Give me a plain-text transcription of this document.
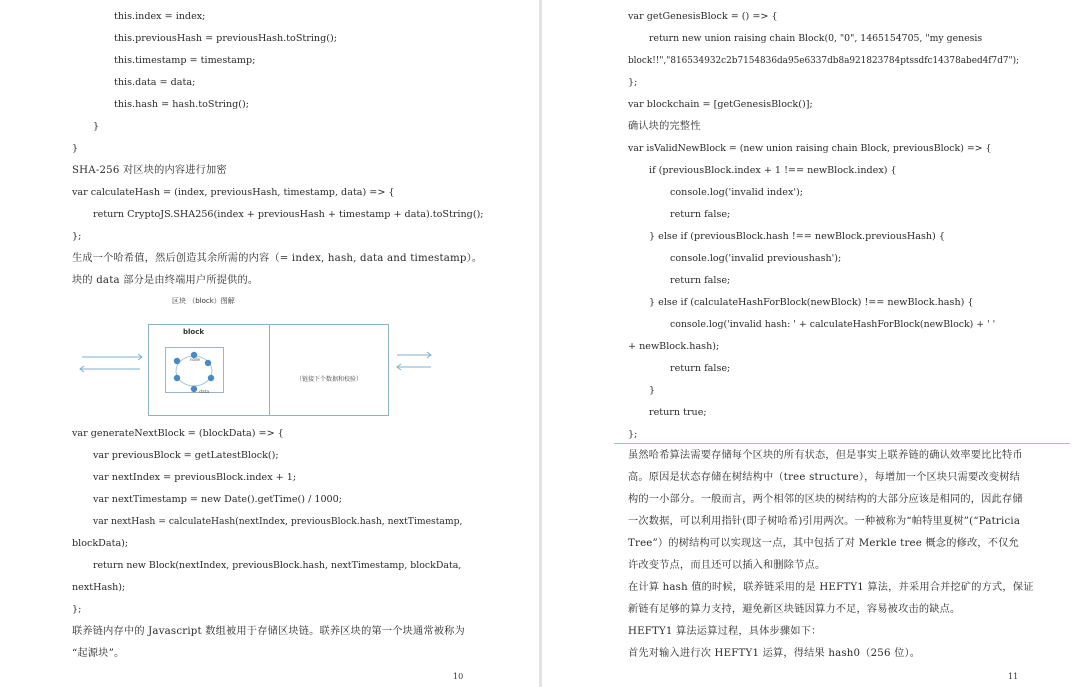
this.index = index;
this.previousHash = previousHash.toString();
this.timestamp = timestamp;
this.data = data;
this.hash = hash.toString();
}
}
SHA-256 对区块的内容进行加密
var calculateHash = (index, previousHash, timestamp, data) => {
return CryptoJS.SHA256(index + previousHash + timestamp + data).toString();
};
生成一个哈希值，然后创造其余所需的内容（= index, hash, data and timestamp）。
块的 data 部分是由终端用户所提供的。
区块 （block）图解
block
（链接下个数据和校验）
node
data
var generateNextBlock = (blockData) => {
var previousBlock = getLatestBlock();
var nextIndex = previousBlock.index + 1;
var nextTimestamp = new Date().getTime() / 1000;
var nextHash = calculateHash(nextIndex, previousBlock.hash, nextTimestamp,
blockData);
return new Block(nextIndex, previousBlock.hash, nextTimestamp, blockData,
nextHash);
};
联养链内存中的 Javascript 数组被用于存储区块链。联养区块的第一个块通常被称为
“起源块”。
10
var getGenesisBlock = () => {
return new union raising chain Block(0, "0", 1465154705, "my genesis
block!!","816534932c2b7154836da95e6337db8a921823784ptssdfc14378abed4f7d7");
};
var blockchain = [getGenesisBlock()];
确认块的完整性
var isValidNewBlock = (new union raising chain Block, previousBlock) => {
if (previousBlock.index + 1 !== newBlock.index) {
console.log('invalid index');
return false;
} else if (previousBlock.hash !== newBlock.previousHash) {
console.log('invalid previoushash');
return false;
} else if (calculateHashForBlock(newBlock) !== newBlock.hash) {
console.log('invalid hash: ' + calculateHashForBlock(newBlock) + ' '
+ newBlock.hash);
return false;
}
return true;
};
虽然哈希算法需要存储每个区块的所有状态，但是事实上联养链的确认效率要比比特币
高。原因是状态存储在树结构中（tree structure），每增加一个区块只需要改变树结
构的一小部分。一般而言，两个相邻的区块的树结构的大部分应该是相同的，因此存储
一次数据，可以利用指针(即子树哈希)引用两次。一种被称为“帕特里夏树”(“Patricia
Tree”）的树结构可以实现这一点，其中包括了对 Merkle tree 概念的修改，不仅允
许改变节点，而且还可以插入和删除节点。
在计算 hash 值的时候，联养链采用的是 HEFTY1 算法，并采用合并挖矿的方式，保证
新链有足够的算力支持，避免新区块链因算力不足，容易被攻击的缺点。
HEFTY1 算法运算过程，具体步骤如下：
首先对输入进行次 HEFTY1 运算，得结果 hash0（256 位）。
11
